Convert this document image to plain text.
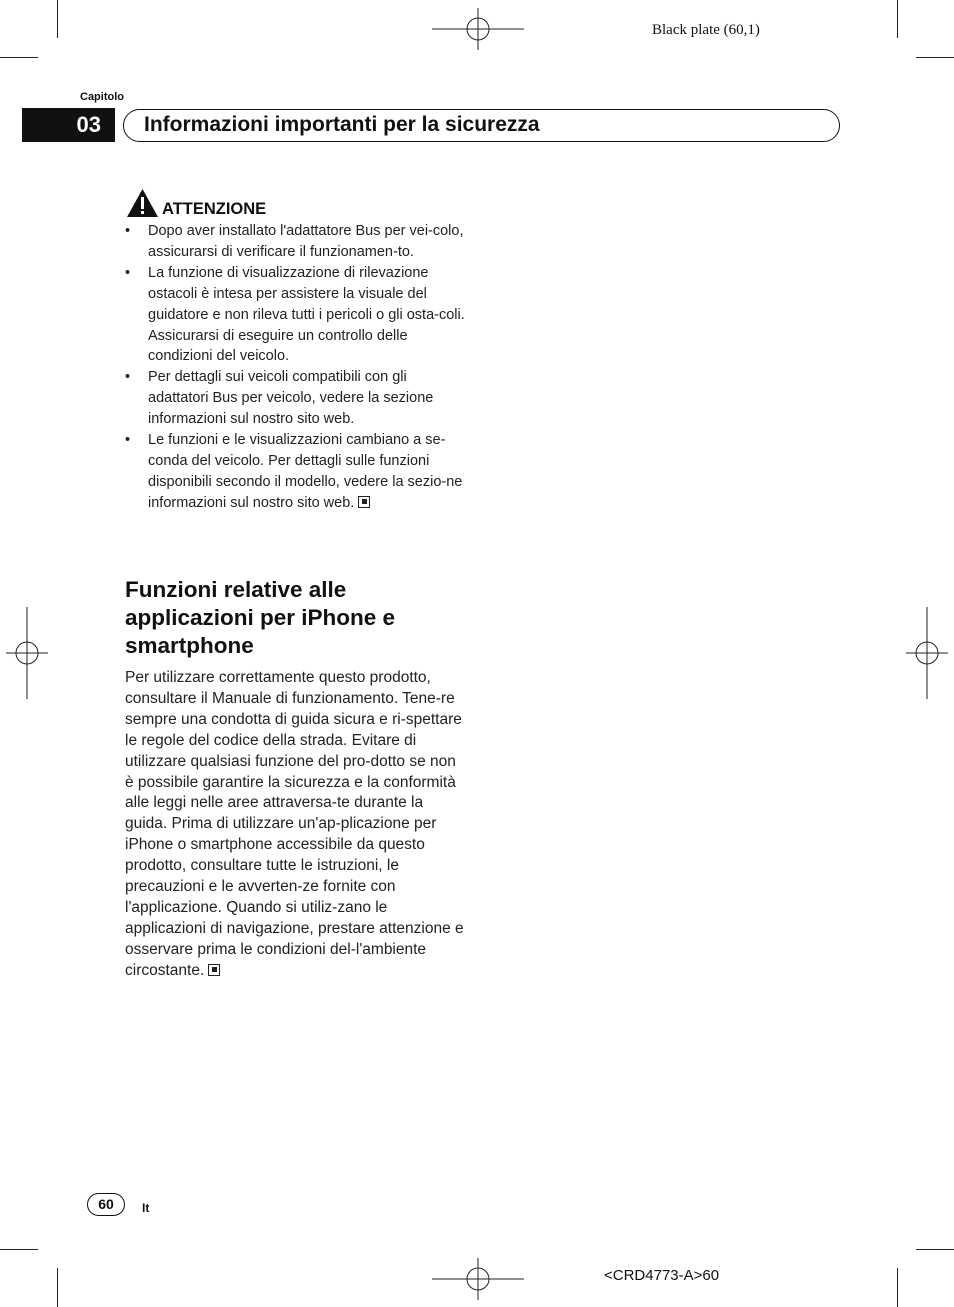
Black plate (60,1)
Capitolo
03	Informazioni importanti per la sicurezza
ATTENZIONE
• Dopo aver installato l'adattatore Bus per vei-colo, assicurarsi di verificare il funzionamen-to.
• La funzione di visualizzazione di rilevazione ostacoli è intesa per assistere la visuale del guidatore e non rileva tutti i pericoli o gli osta-coli. Assicurarsi di eseguire un controllo delle condizioni del veicolo.
• Per dettagli sui veicoli compatibili con gli adattatori Bus per veicolo, vedere la sezione informazioni sul nostro sito web.
• Le funzioni e le visualizzazioni cambiano a se-conda del veicolo. Per dettagli sulle funzioni disponibili secondo il modello, vedere la sezio-ne informazioni sul nostro sito web.
Funzioni relative alle applicazioni per iPhone e smartphone

Per utilizzare correttamente questo prodotto, consultare il Manuale di funzionamento. Tene-re sempre una condotta di guida sicura e ri-spettare le regole del codice della strada. Evitare di utilizzare qualsiasi funzione del pro-dotto se non è possibile garantire la sicurezza e la conformità alle leggi nelle aree attraversa-te durante la guida. Prima di utilizzare un'ap-plicazione per iPhone o smartphone accessibile da questo prodotto, consultare tutte le istruzioni, le precauzioni e le avverten-ze fornite con l'applicazione. Quando si utiliz-zano le applicazioni di navigazione, prestare attenzione e osservare prima le condizioni del-l'ambiente circostante.

60	It
<CRD4773-A>60
